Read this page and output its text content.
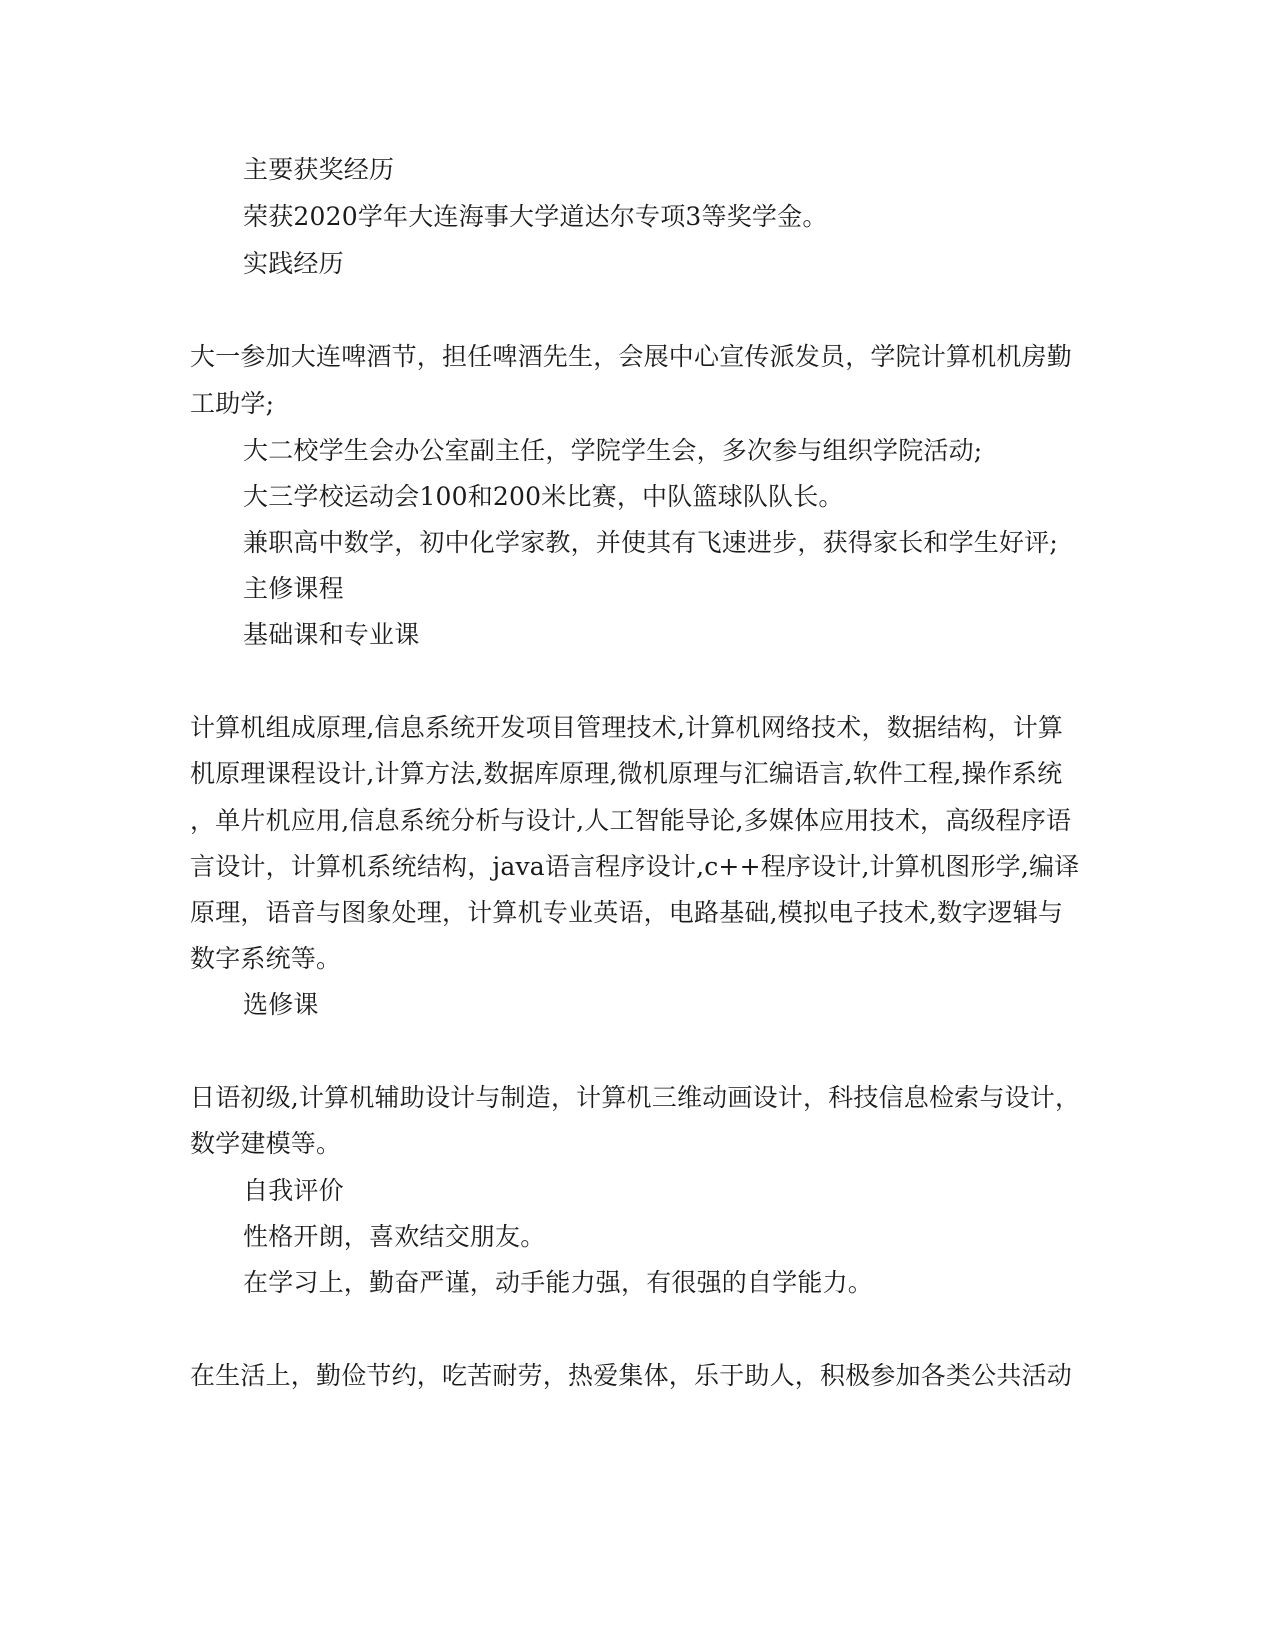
主要获奖经历
荣获2020学年大连海事大学道达尔专项3等奖学金。
实践经历
大一参加大连啤酒节，担任啤酒先生，会展中心宣传派发员，学院计算机机房勤
工助学;
大二校学生会办公室副主任，学院学生会，多次参与组织学院活动;
大三学校运动会100和200米比赛，中队篮球队队长。
兼职高中数学，初中化学家教，并使其有飞速进步，获得家长和学生好评;
主修课程
基础课和专业课
计算机组成原理,信息系统开发项目管理技术,计算机网络技术，数据结构，计算
机原理课程设计,计算方法,数据库原理,微机原理与汇编语言,软件工程,操作系统
，单片机应用,信息系统分析与设计,人工智能导论,多媒体应用技术，高级程序语
言设计，计算机系统结构，java语言程序设计,c++程序设计,计算机图形学,编译
原理，语音与图象处理，计算机专业英语，电路基础,模拟电子技术,数字逻辑与
数字系统等。
选修课
日语初级,计算机辅助设计与制造，计算机三维动画设计，科技信息检索与设计，
数学建模等。
自我评价
性格开朗，喜欢结交朋友。
在学习上，勤奋严谨，动手能力强，有很强的自学能力。
在生活上，勤俭节约，吃苦耐劳，热爱集体，乐于助人，积极参加各类公共活动
